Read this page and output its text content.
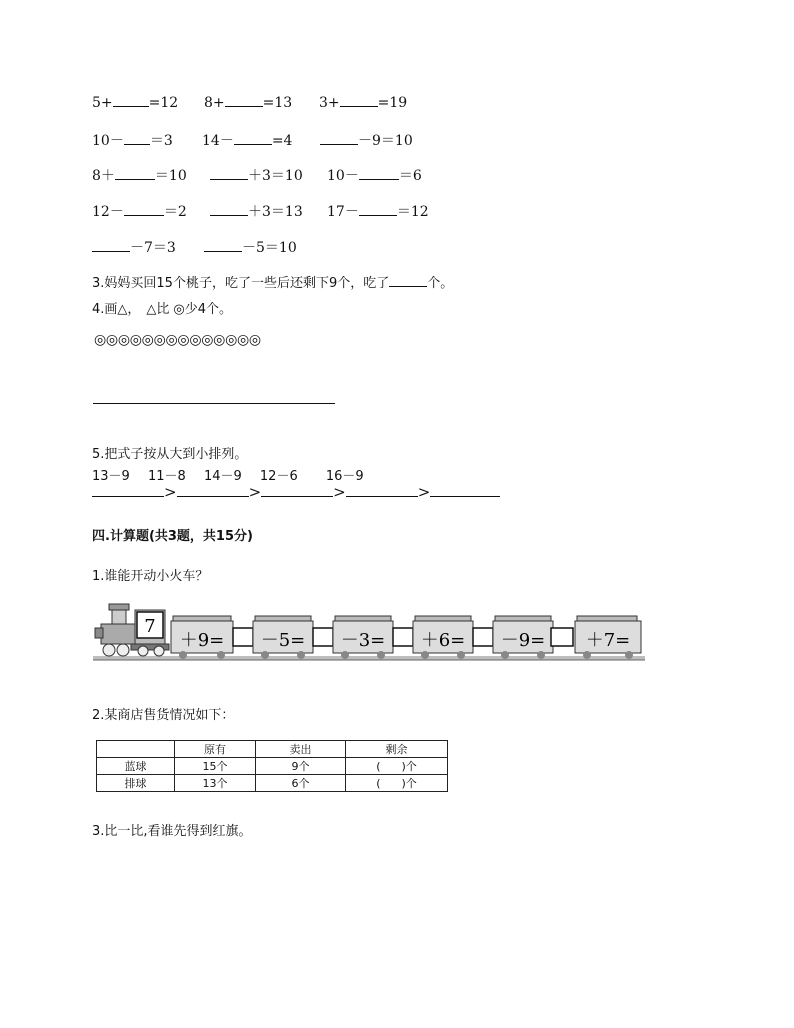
5+	=12 8+	=13 3+	=19
10－ ＝3 14－	=4	－9＝10
8＋	＝10	＋3＝10 10－	＝6
12－	＝2	＋3＝13 17－	＝12
－7＝3	－5＝10
3.妈妈买回15个桃子，吃了一些后还剩下9个，吃了	个。
4.画△， △比 ◎少4个。
◎◎◎◎◎◎◎◎◎◎◎◎◎◎
5.把式子按从大到小排列。
13－9 11－8 14－9 12－6 16－9
>	>	>	>
四.计算题(共3题，共15分)
1.谁能开动小火车？
7
＋9= －5= －3= ＋6= －9= ＋7=
2.某商店售货情况如下：
	原有	卖出	剩余
蓝球	15个	9个	(      )个
排球	13个	6个	(      )个
3.比一比,看谁先得到红旗。
